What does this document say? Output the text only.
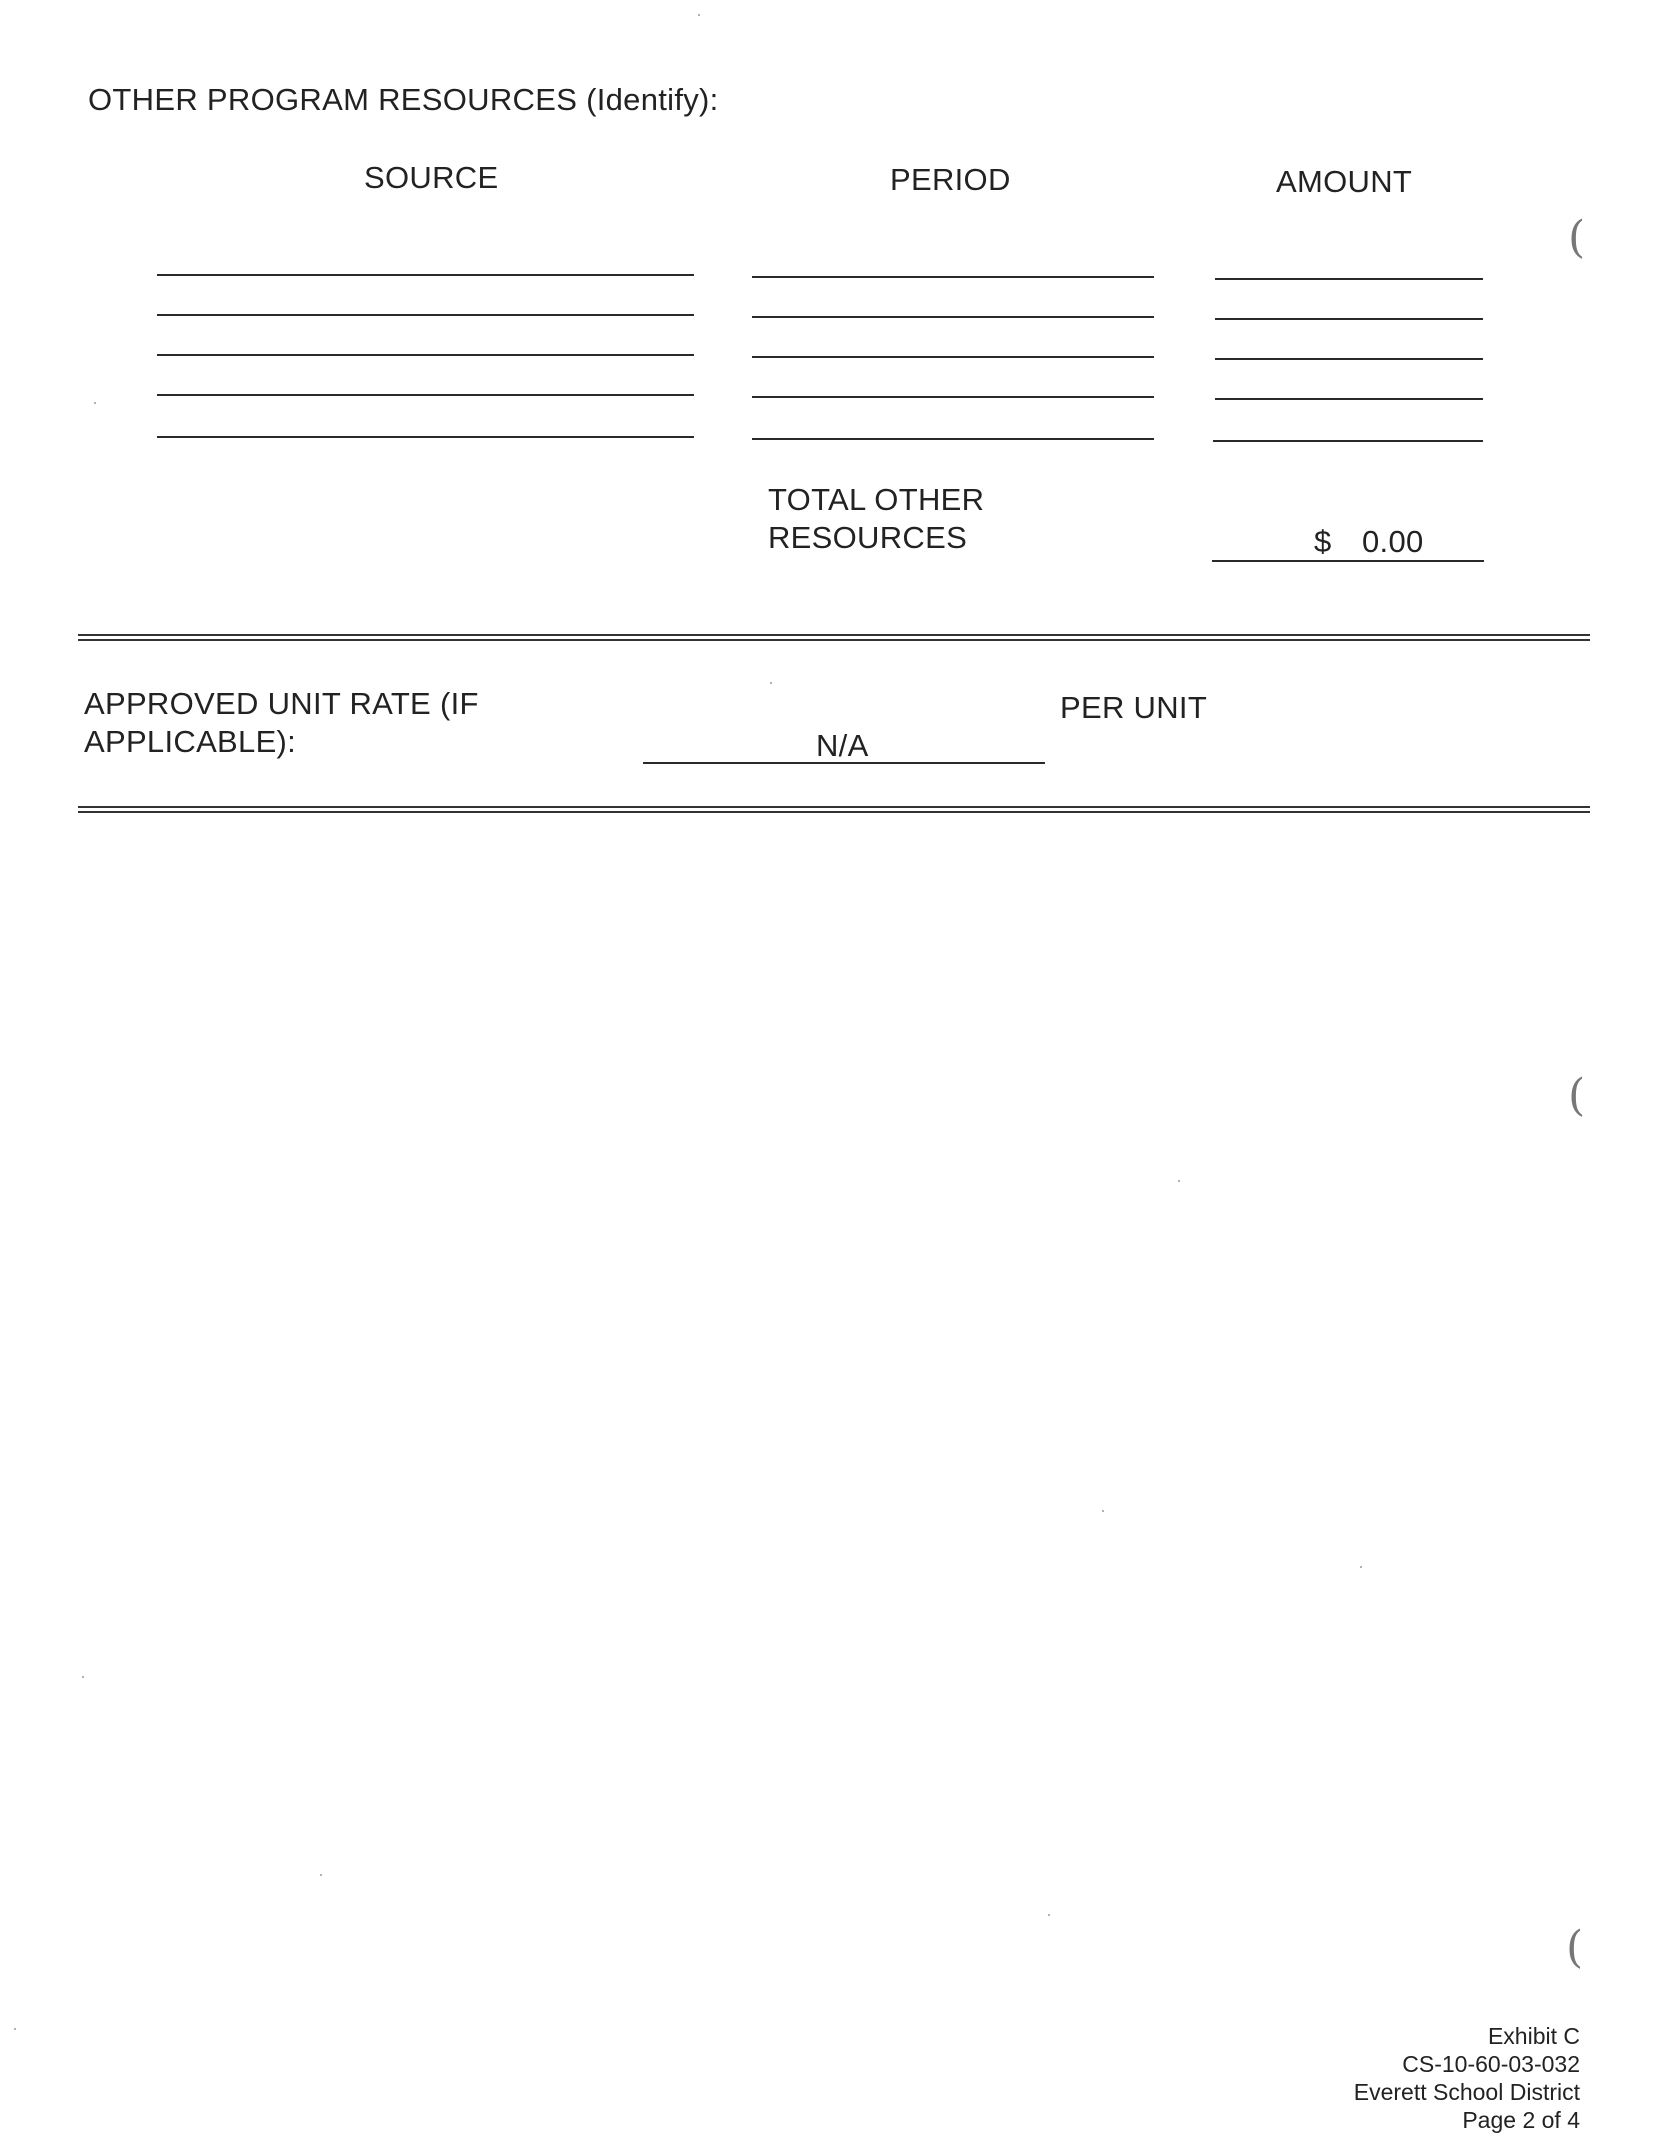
OTHER PROGRAM RESOURCES (Identify):
SOURCE	PERIOD	AMOUNT
TOTAL OTHER
RESOURCES	$ 0.00
APPROVED UNIT RATE (IF
APPLICABLE):	N/A
PER UNIT
(
(
(
Exhibit C
CS-10-60-03-032
Everett School District
Page 2 of 4
